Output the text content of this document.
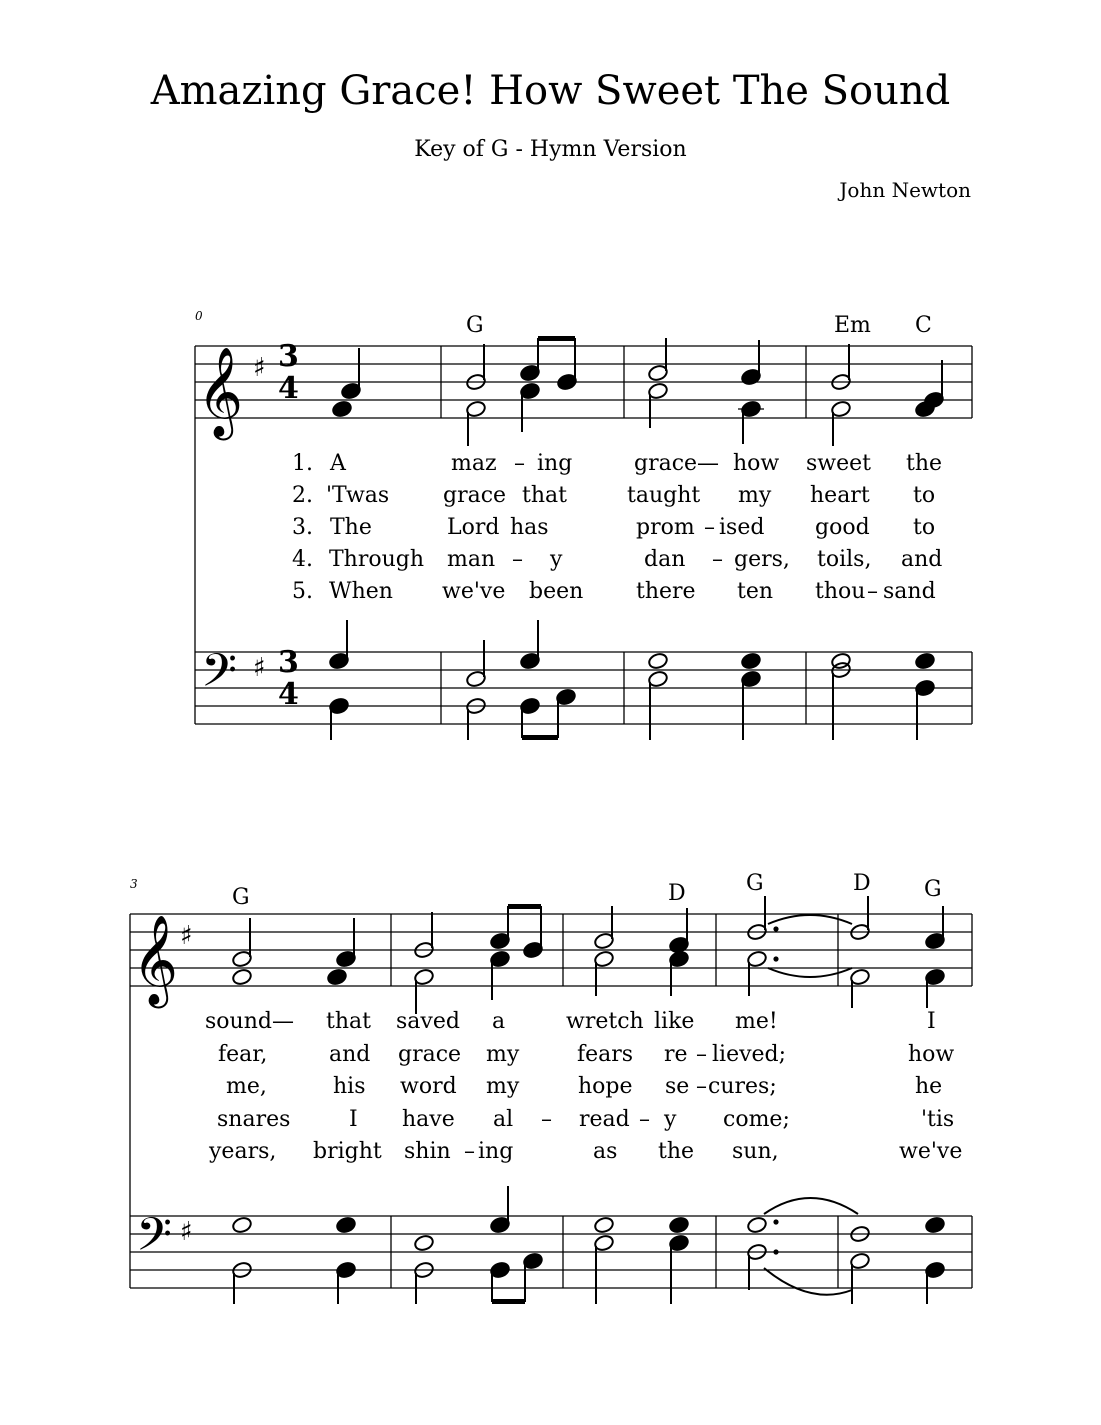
Amazing Grace! How Sweet The Sound
Key of G - Hymn Version
John Newton
𝄞 ♯ 3
4
𝄢 ♯ 3
4
𝄞 ♯
𝄢 ♯
0
3
G	Em C
G	D	G	D G
1. A	maz – ing	grace— how sweet the
2. 'Twas grace that	taught my heart to
3. The	Lord has	prom – ised good to
4. Through man – y	dan – gers, toils, and
5. When we've been there ten thou – sand
sound— that saved a	wretch like me!	I
fear,	and grace my	fears re – lieved;	how
me,	his word my	hope se – cures;	he
snares	I have al – read – y come;	'tis
years, bright shin – ing	as the sun,	we've
